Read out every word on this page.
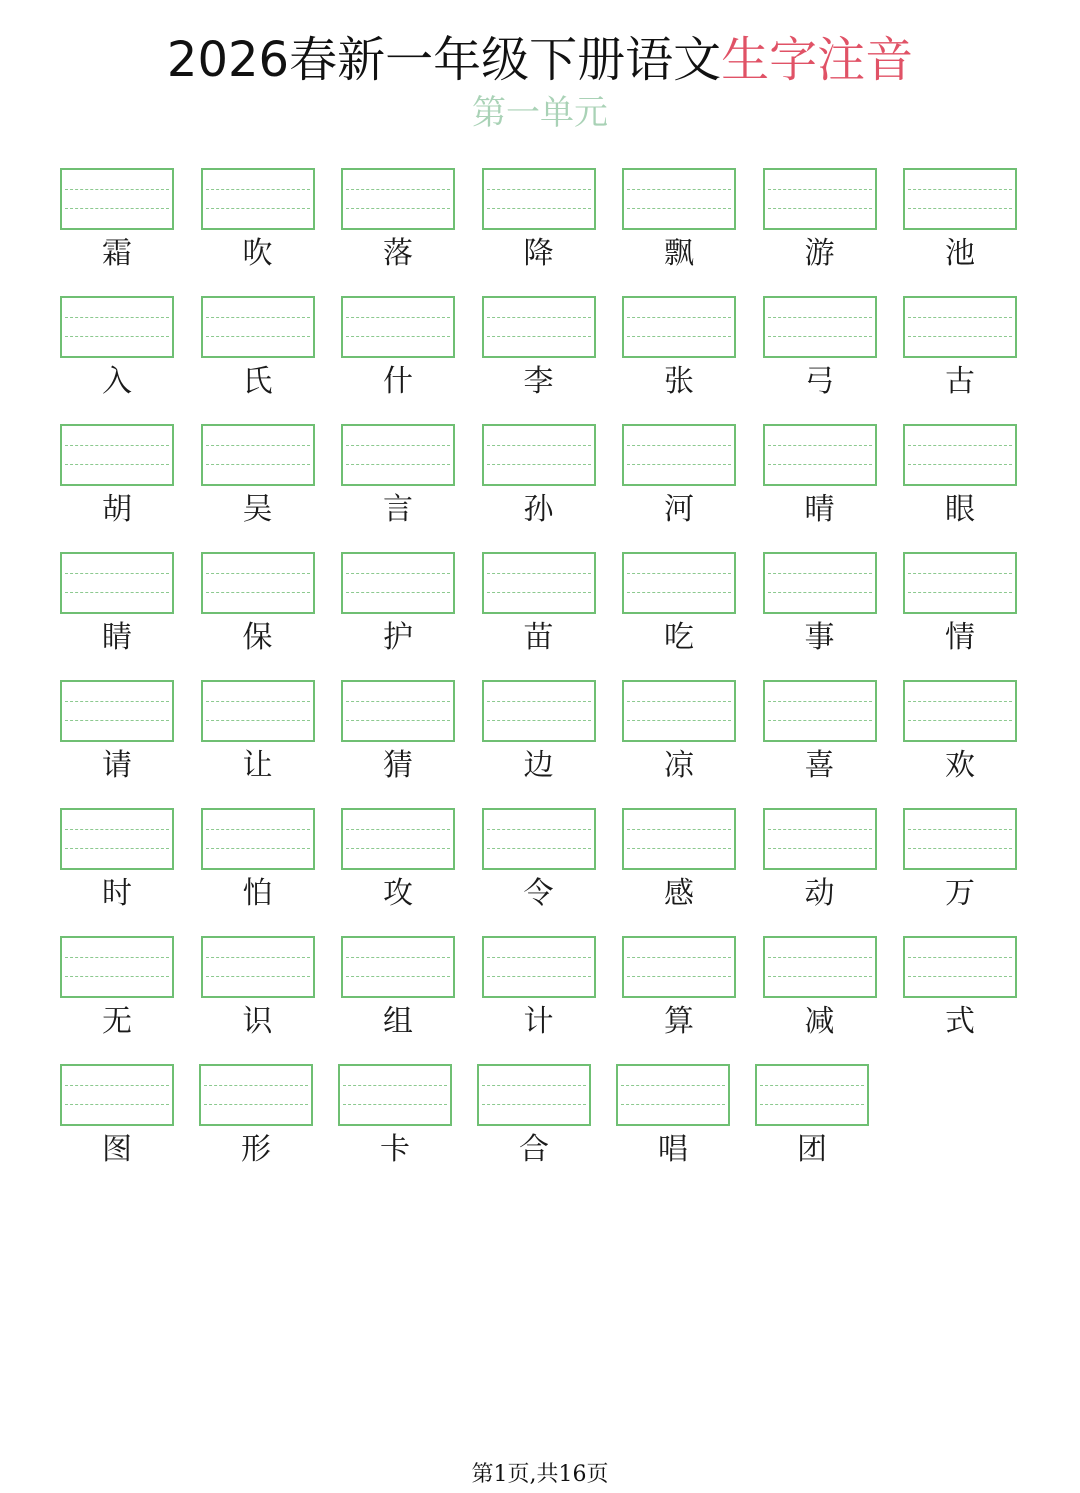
2026春新一年级下册语文生字注音
第一单元
霜	吹	落	降	飘	游	池
入	氏	什	李	张	弓	古
胡	吴	言	孙	河	晴	眼
睛	保	护	苗	吃	事	情
请	让	猜	边	凉	喜	欢
时	怕	攻	令	感	动	万
无	识	组	计	算	减	式
图	形	卡	合	唱	团
第1页,共16页
